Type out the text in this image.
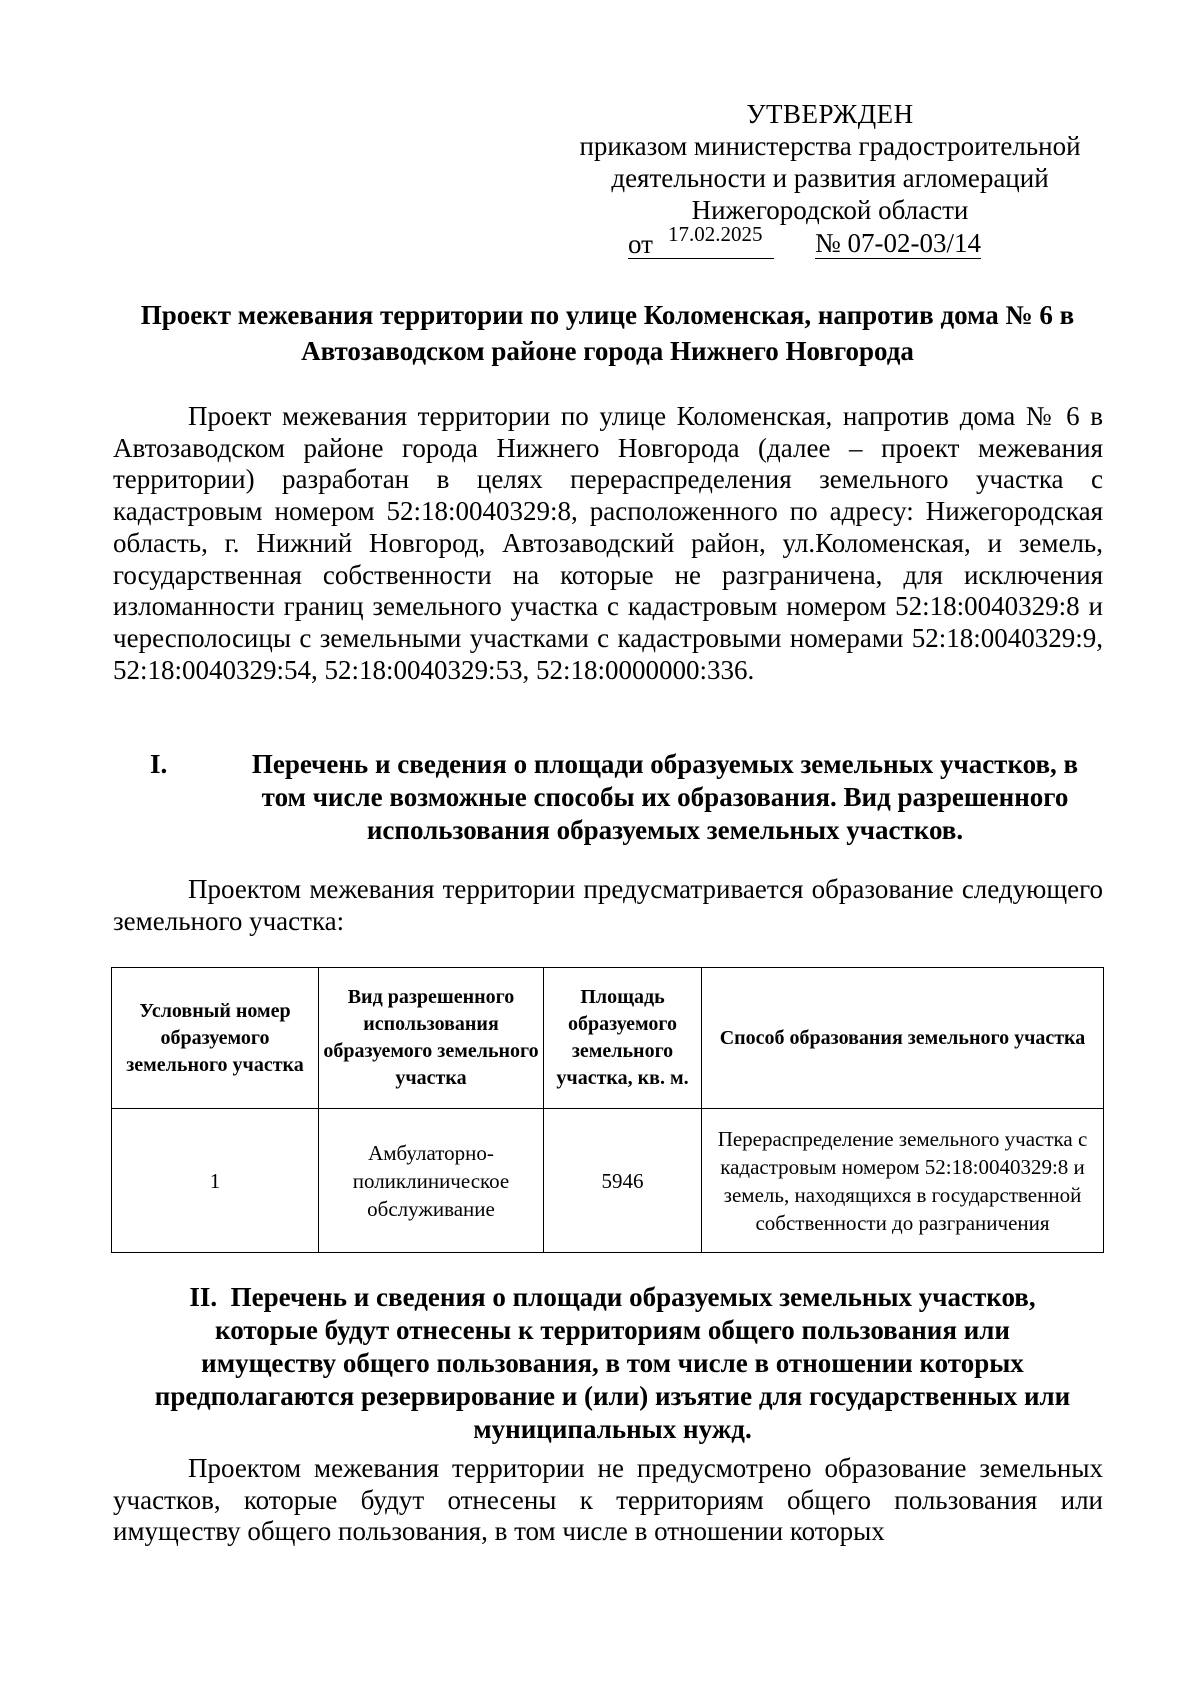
УТВЕРЖДЕН
приказом министерства градостроительной
деятельности и развития агломераций
Нижегородской области
от 17.02.2025 № 07-02-03/14
Проект межевания территории по улице Коломенская, напротив дома № 6 в
Автозаводском районе города Нижнего Новгорода
Проект межевания территории по улице Коломенская, напротив дома № 6 в Автозаводском районе города Нижнего Новгорода (далее – проект межевания территории) разработан в целях перераспределения земельного участка с кадастровым номером 52:18:0040329:8, расположенного по адресу: Нижегородская область, г. Нижний Новгород, Автозаводский район, ул.Коломенская, и земель, государственная собственности на которые не разграничена, для исключения изломанности границ земельного участка с кадастровым номером 52:18:0040329:8 и чересполосицы с земельными участками с кадастровыми номерами 52:18:0040329:9, 52:18:0040329:54, 52:18:0040329:53, 52:18:0000000:336.
I.	Перечень и сведения о площади образуемых земельных участков, в
том числе возможные способы их образования. Вид разрешенного
использования образуемых земельных участков.
Проектом межевания территории предусматривается образование следующего земельного участка:
Условный номер образуемого земельного участка	Вид разрешенного использования образуемого земельного участка	Площадь образуемого земельного участка, кв. м.	Способ образования земельного участка
1	Амбулаторно-поликлиническое обслуживание	5946	Перераспределение земельного участка с кадастровым номером 52:18:0040329:8 и земель, находящихся в государственной собственности до разграничения
II. Перечень и сведения о площади образуемых земельных участков,
которые будут отнесены к территориям общего пользования или
имуществу общего пользования, в том числе в отношении которых
предполагаются резервирование и (или) изъятие для государственных или
муниципальных нужд.
Проектом межевания территории не предусмотрено образование земельных участков, которые будут отнесены к территориям общего пользования или имуществу общего пользования, в том числе в отношении которых
